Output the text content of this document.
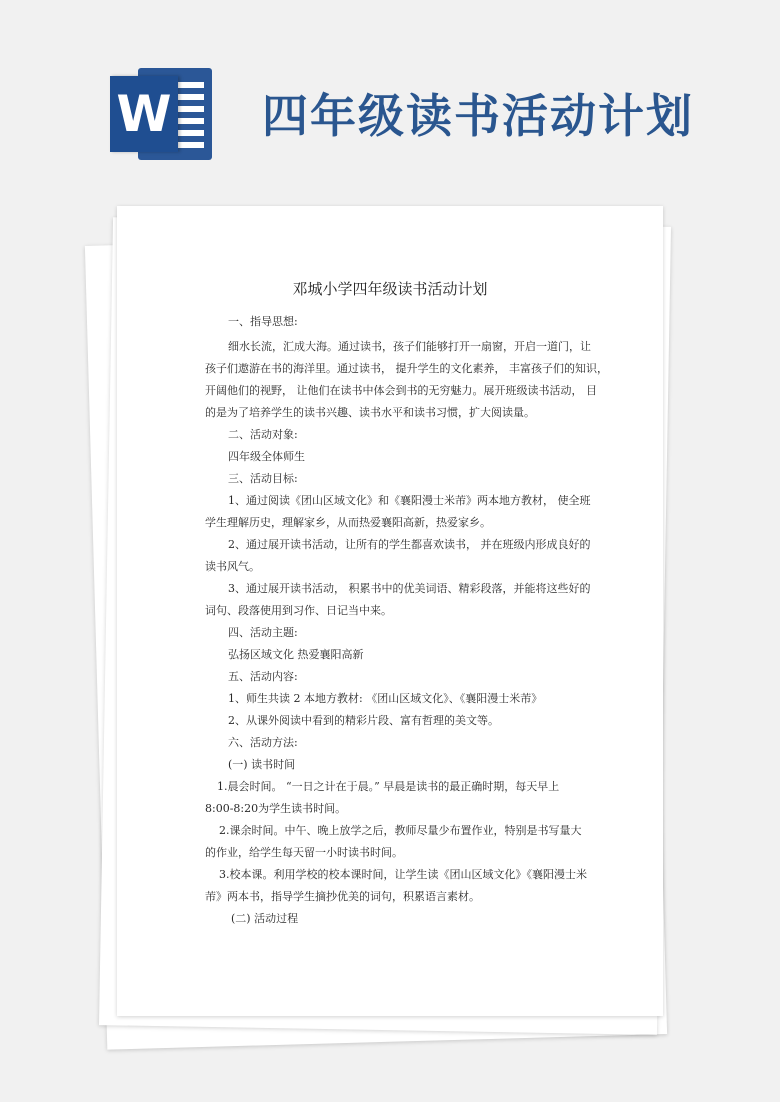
W 四年级读书活动计划
邓城小学四年级读书活动计划

一、指导思想:

细水长流，汇成大海。通过读书，孩子们能够打开一扇窗，开启一道门，让

孩子们遨游在书的海洋里。通过读书， 提升学生的文化素养， 丰富孩子们的知识，

开阔他们的视野， 让他们在读书中体会到书的无穷魅力。展开班级读书活动， 目

的是为了培养学生的读书兴趣、读书水平和读书习惯，扩大阅读量。

二、活动对象:

四年级全体师生

三、活动目标:

1、通过阅读《团山区域文化》和《襄阳漫士米芾》两本地方教材， 使全班

学生理解历史，理解家乡，从而热爱襄阳高新，热爱家乡。

2、通过展开读书活动，让所有的学生都喜欢读书， 并在班级内形成良好的

读书风气。

3、通过展开读书活动， 积累书中的优美词语、精彩段落，并能将这些好的

词句、段落使用到习作、日记当中来。

四、活动主题:

弘扬区域文化 热爱襄阳高新

五、活动内容:

1、师生共读 2 本地方教材: 《团山区域文化》、《襄阳漫士米芾》

2、从课外阅读中看到的精彩片段、富有哲理的美文等。

六、活动方法:

(一) 读书时间

1.晨会时间。 “一日之计在于晨。” 早晨是读书的最正确时期，每天早上

8:00-8:20为学生读书时间。

2.课余时间。中午、晚上放学之后，教师尽量少布置作业，特别是书写量大

的作业，给学生每天留一小时读书时间。

3.校本课。利用学校的校本课时间，让学生读《团山区域文化》《襄阳漫士米

芾》两本书，指导学生摘抄优美的词句，积累语言素材。

(二) 活动过程
